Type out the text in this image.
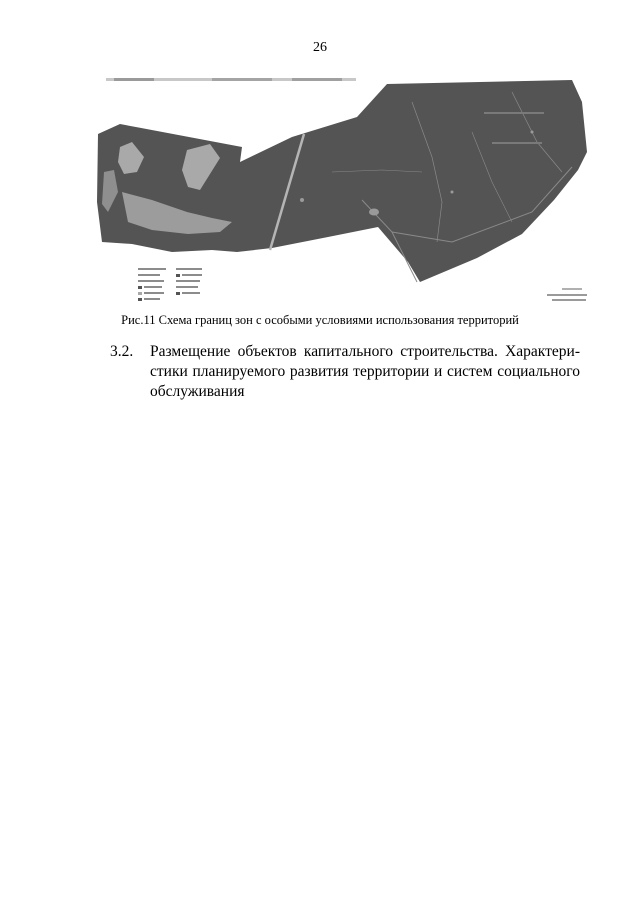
26
Рис.11 Схема границ зон с особыми условиями использования территорий
3.2. Размещение объектов капитального строительства. Характери-стики планируемого развития территории и систем социального обслуживания
